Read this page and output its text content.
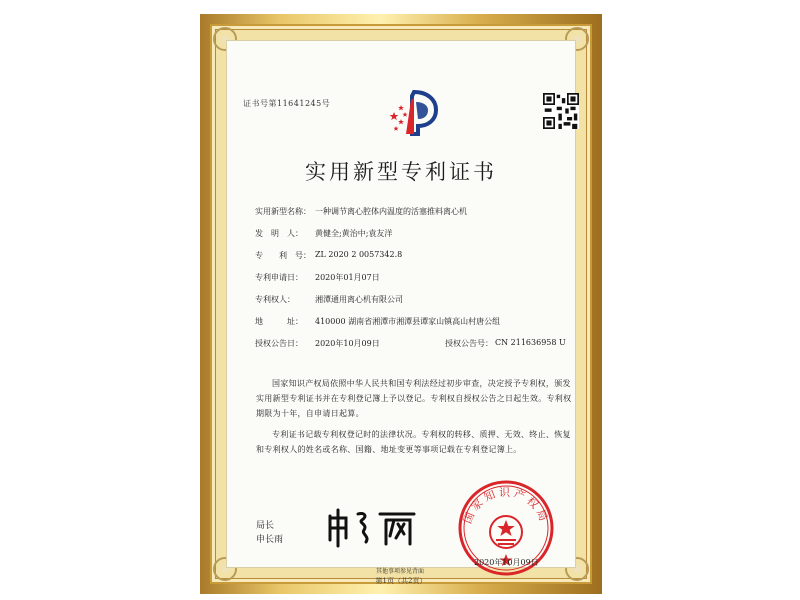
证书号第11641245号
实用新型专利证书
实用新型名称： 一种调节离心腔体内温度的活塞推料离心机
发　明　人： 黄健全;黄治中;袁友洋
专　　利　号： ZL 2020 2 0057342.8
专利申请日： 2020年01月07日
专利权人：	湘潭通用离心机有限公司
地　　　址： 410000 湖南省湘潭市湘潭县谭家山镇高山村唐公组
授权公告日： 2020年10月09日	授权公告号： CN 211636958 U

国家知识产权局依照中华人民共和国专利法经过初步审查，决定授予专利权，颁发实用新型专利证书并在专利登记簿上予以登记。专利权自授权公告之日起生效。专利权期限为十年，自申请日起算。

专利证书记载专利权登记时的法律状况。专利权的转移、质押、无效、终止、恢复和专利权人的姓名或名称、国籍、地址变更等事项记载在专利登记簿上。

局长
申长雨
国家知识产权局
2020年10月09日
第1页（共2页）
其他事项参见背面
